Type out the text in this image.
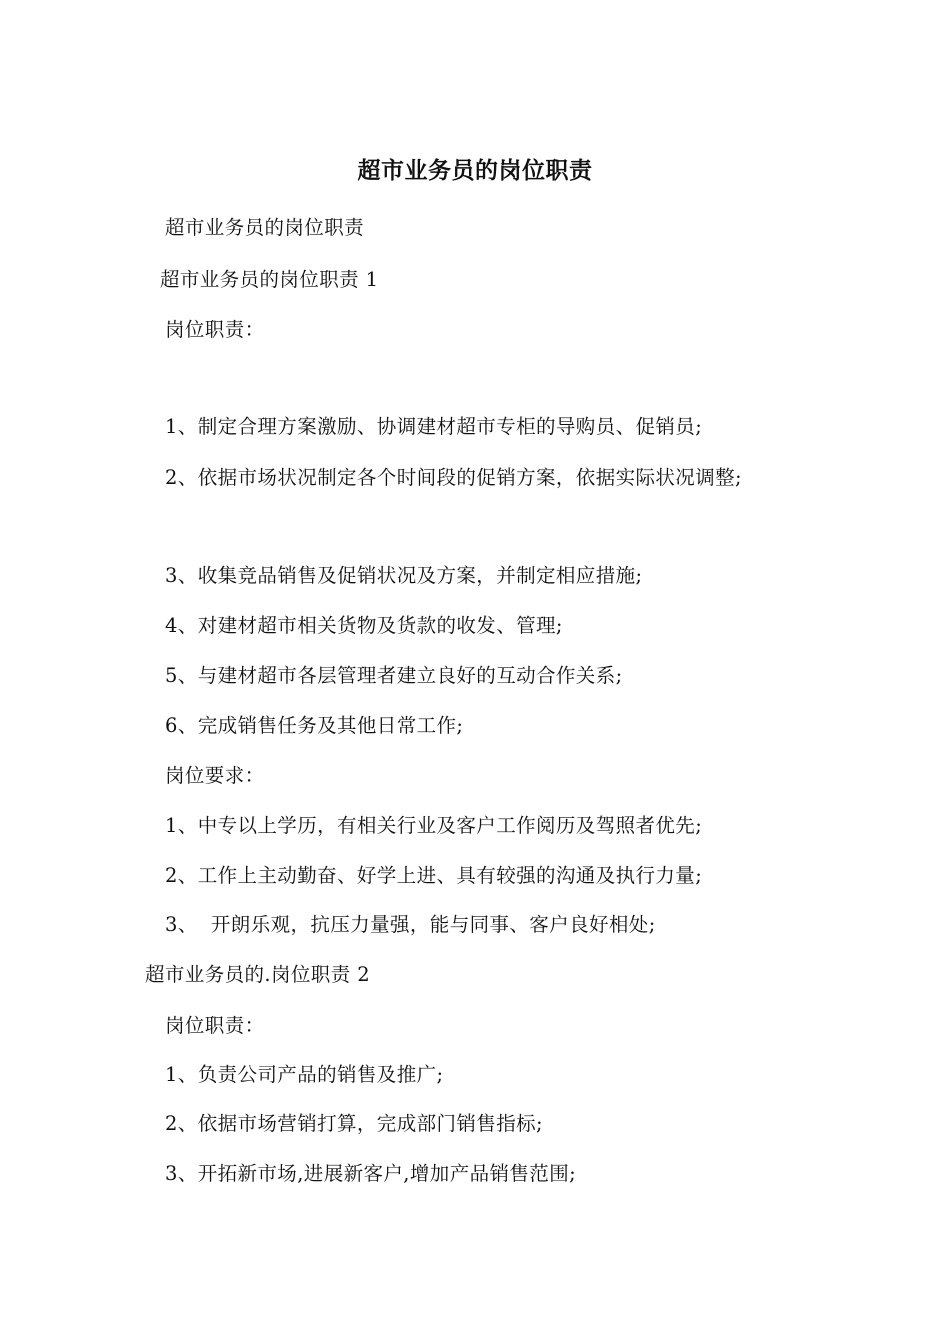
超市业务员的岗位职责
超市业务员的岗位职责
超市业务员的岗位职责 1
岗位职责：
1、制定合理方案激励、协调建材超市专柜的导购员、促销员;
2、依据市场状况制定各个时间段的促销方案，依据实际状况调整;
3、收集竞品销售及促销状况及方案，并制定相应措施;
4、对建材超市相关货物及货款的收发、管理;
5、与建材超市各层管理者建立良好的互动合作关系;
6、完成销售任务及其他日常工作;
岗位要求：
1、中专以上学历，有相关行业及客户工作阅历及驾照者优先;
2、工作上主动勤奋、好学上进、具有较强的沟通及执行力量;
3、  开朗乐观，抗压力量强，能与同事、客户良好相处;
超市业务员的.岗位职责 2
岗位职责：
1、负责公司产品的销售及推广;
2、依据市场营销打算，完成部门销售指标;
3、开拓新市场,进展新客户,增加产品销售范围;
